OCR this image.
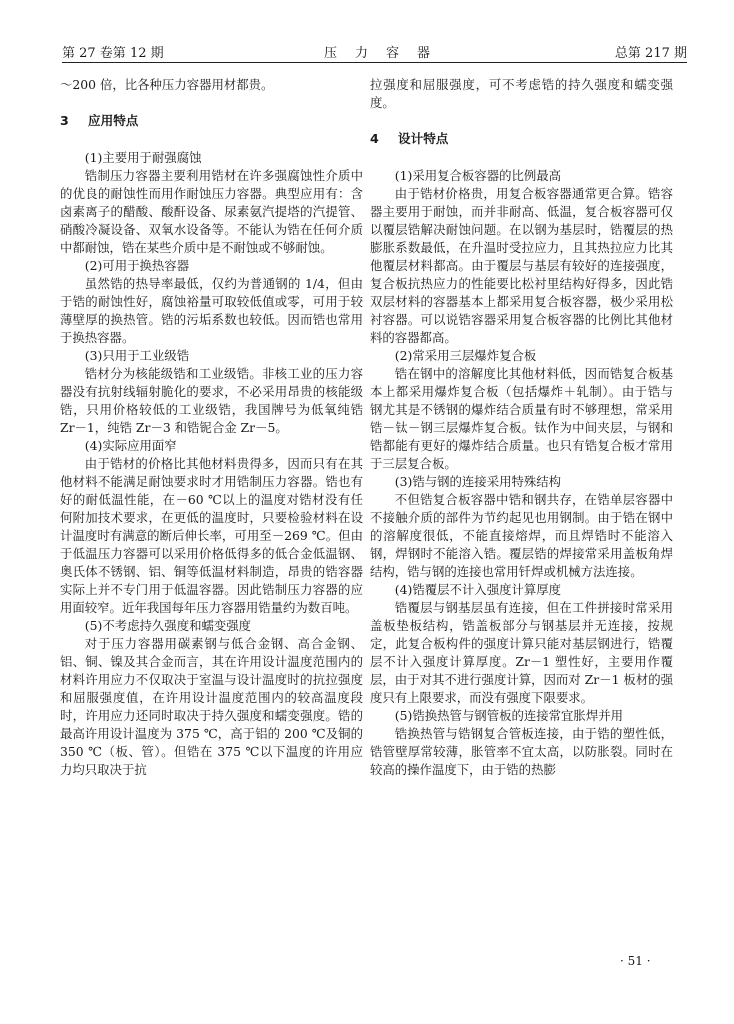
第 27 卷第 12 期	压力容器	总第 217 期

～200 倍，比各种压力容器用材都贵。

3 应用特点

(1)主要用于耐强腐蚀

锆制压力容器主要利用锆材在许多强腐蚀性介质中的优良的耐蚀性而用作耐蚀压力容器。典型应用有：含卤素离子的醋酸、酸酐设备、尿素氨汽提塔的汽提管、硝酸冷凝设备、双氧水设备等。不能认为锆在任何介质中都耐蚀，锆在某些介质中是不耐蚀或不够耐蚀。

(2)可用于换热容器

虽然锆的热导率最低，仅约为普通钢的 1/4，但由于锆的耐蚀性好，腐蚀裕量可取较低值或零，可用于较薄壁厚的换热管。锆的污垢系数也较低。因而锆也常用于换热容器。

(3)只用于工业级锆

锆材分为核能级锆和工业级锆。非核工业的压力容器没有抗射线辐射脆化的要求，不必采用昂贵的核能级锆，只用价格较低的工业级锆，我国牌号为低氧纯锆 Zr－1，纯锆 Zr－3 和锆铌合金 Zr－5。

(4)实际应用面窄

由于锆材的价格比其他材料贵得多，因而只有在其他材料不能满足耐蚀要求时才用锆制压力容器。锆也有好的耐低温性能，在－60 ℃以上的温度对锆材没有任何附加技术要求，在更低的温度时，只要检验材料在设计温度时有满意的断后伸长率，可用至－269 ℃。但由于低温压力容器可以采用价格低得多的低合金低温钢、奥氏体不锈钢、铝、铜等低温材料制造，昂贵的锆容器实际上并不专门用于低温容器。因此锆制压力容器的应用面较窄。近年我国每年压力容器用锆量约为数百吨。

(5)不考虑持久强度和蠕变强度

对于压力容器用碳素钢与低合金钢、高合金钢、铝、铜、镍及其合金而言，其在许用设计温度范围内的材料许用应力不仅取决于室温与设计温度时的抗拉强度和屈服强度值，在许用设计温度范围内的较高温度段时，许用应力还同时取决于持久强度和蠕变强度。锆的最高许用设计温度为 375 ℃，高于铝的 200 ℃及铜的 350 ℃（板、管）。但锆在 375 ℃以下温度的许用应力均只取决于抗

拉强度和屈服强度，可不考虑锆的持久强度和蠕变强度。

4 设计特点

(1)采用复合板容器的比例最高

由于锆材价格贵，用复合板容器通常更合算。锆容器主要用于耐蚀，而并非耐高、低温，复合板容器可仅以覆层锆解决耐蚀问题。在以钢为基层时，锆覆层的热膨胀系数最低，在升温时受拉应力，且其热拉应力比其他覆层材料都高。由于覆层与基层有较好的连接强度，复合板抗热应力的性能要比松衬里结构好得多，因此锆双层材料的容器基本上都采用复合板容器，极少采用松衬容器。可以说锆容器采用复合板容器的比例比其他材料的容器都高。

(2)常采用三层爆炸复合板

锆在钢中的溶解度比其他材料低，因而锆复合板基本上都采用爆炸复合板（包括爆炸＋轧制）。由于锆与钢尤其是不锈钢的爆炸结合质量有时不够理想，常采用锆－钛－钢三层爆炸复合板。钛作为中间夹层，与钢和锆都能有更好的爆炸结合质量。也只有锆复合板才常用于三层复合板。

(3)锆与钢的连接采用特殊结构

不但锆复合板容器中锆和钢共存，在锆单层容器中不接触介质的部件为节约起见也用钢制。由于锆在钢中的溶解度很低，不能直接熔焊，而且焊锆时不能溶入钢，焊钢时不能溶入锆。覆层锆的焊接常采用盖板角焊结构，锆与钢的连接也常用钎焊或机械方法连接。

(4)锆覆层不计入强度计算厚度

锆覆层与钢基层虽有连接，但在工件拼接时常采用盖板垫板结构，锆盖板部分与钢基层并无连接，按规定，此复合板构件的强度计算只能对基层钢进行，锆覆层不计入强度计算厚度。Zr－1 塑性好，主要用作覆层，由于对其不进行强度计算，因而对 Zr－1 板材的强度只有上限要求，而没有强度下限要求。

(5)锆换热管与钢管板的连接常宜胀焊并用

锆换热管与锆钢复合管板连接，由于锆的塑性低，锆管壁厚常较薄，胀管率不宜太高，以防胀裂。同时在较高的操作温度下，由于锆的热膨

· 51 ·
